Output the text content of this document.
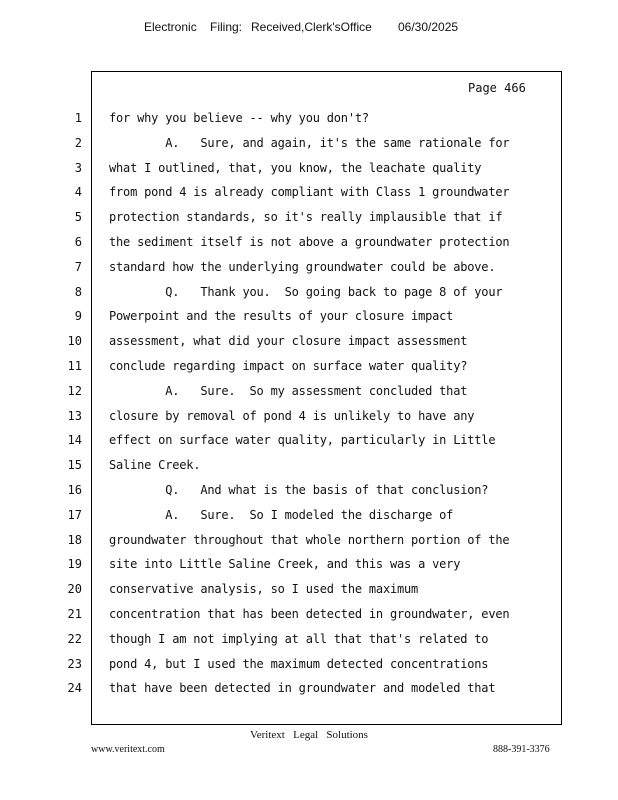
Electronic Filing: Received,Clerk'sOffice 06/30/2025
Page 466
1 for why you believe -- why you don't?
2 A.   Sure, and again, it's the same rationale for
3 what I outlined, that, you know, the leachate quality
4 from pond 4 is already compliant with Class 1 groundwater
5 protection standards, so it's really implausible that if
6 the sediment itself is not above a groundwater protection
7 standard how the underlying groundwater could be above.
8 Q.   Thank you.  So going back to page 8 of your
9 Powerpoint and the results of your closure impact
10 assessment, what did your closure impact assessment
11 conclude regarding impact on surface water quality?
12 A.   Sure.  So my assessment concluded that
13 closure by removal of pond 4 is unlikely to have any
14 effect on surface water quality, particularly in Little
15 Saline Creek.
16 Q.   And what is the basis of that conclusion?
17 A.   Sure.  So I modeled the discharge of
18 groundwater throughout that whole northern portion of the
19 site into Little Saline Creek, and this was a very
20 conservative analysis, so I used the maximum
21 concentration that has been detected in groundwater, even
22 though I am not implying at all that that's related to
23 pond 4, but I used the maximum detected concentrations
24 that have been detected in groundwater and modeled that
Veritext   Legal   Solutions
www.veritext.com	888-391-3376
